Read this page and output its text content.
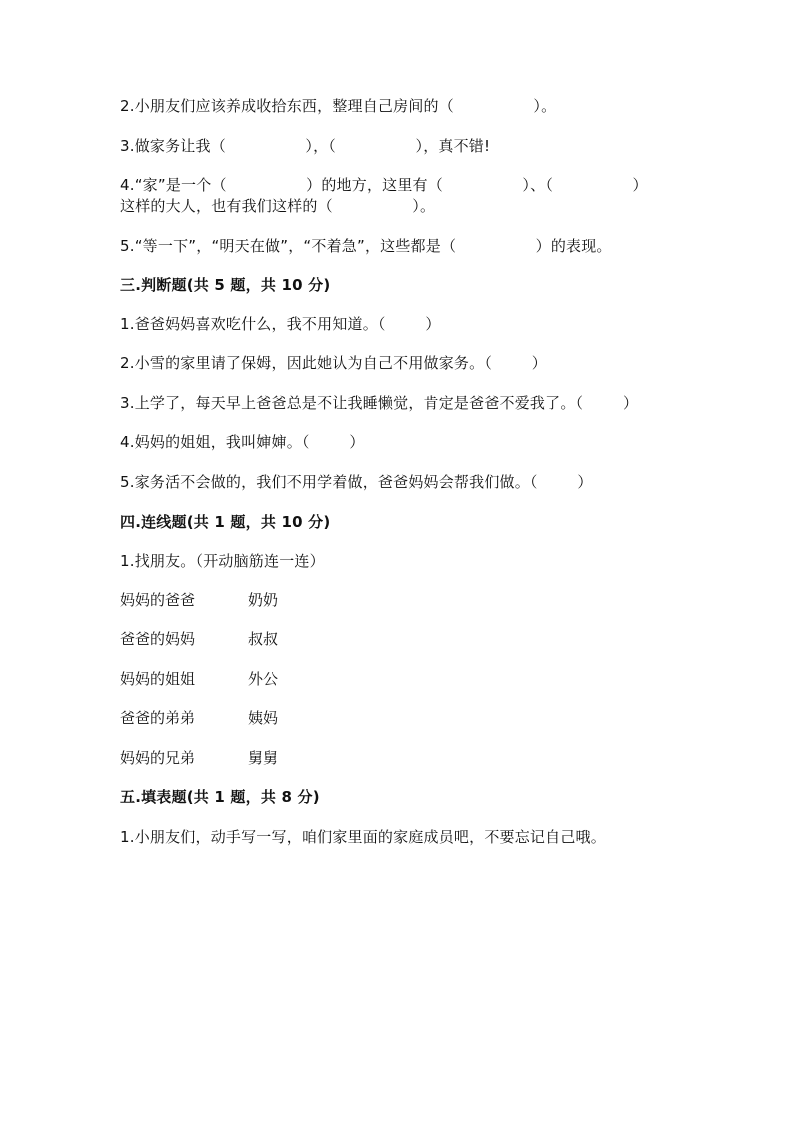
2.小朋友们应该养成收拾东西，整理自己房间的（                ）。
3.做家务让我（                ），（                ），真不错!
4.“家”是一个（                ）的地方，这里有（                ）、（                ）
这样的大人，也有我们这样的（                ）。
5.“等一下”，“明天在做”，“不着急”，这些都是（                ）的表现。
三.判断题(共 5 题，共 10 分)
1.爸爸妈妈喜欢吃什么，我不用知道。（        ）
2.小雪的家里请了保姆，因此她认为自己不用做家务。（        ）
3.上学了，每天早上爸爸总是不让我睡懒觉，肯定是爸爸不爱我了。（        ）
4.妈妈的姐姐，我叫婶婶。（        ）
5.家务活不会做的，我们不用学着做，爸爸妈妈会帮我们做。（        ）
四.连线题(共 1 题，共 10 分)
1.找朋友。（开动脑筋连一连）
妈妈的爸爸	奶奶
爸爸的妈妈	叔叔
妈妈的姐姐	外公
爸爸的弟弟	姨妈
妈妈的兄弟	舅舅
五.填表题(共 1 题，共 8 分)
1.小朋友们，动手写一写，咱们家里面的家庭成员吧，不要忘记自己哦。
